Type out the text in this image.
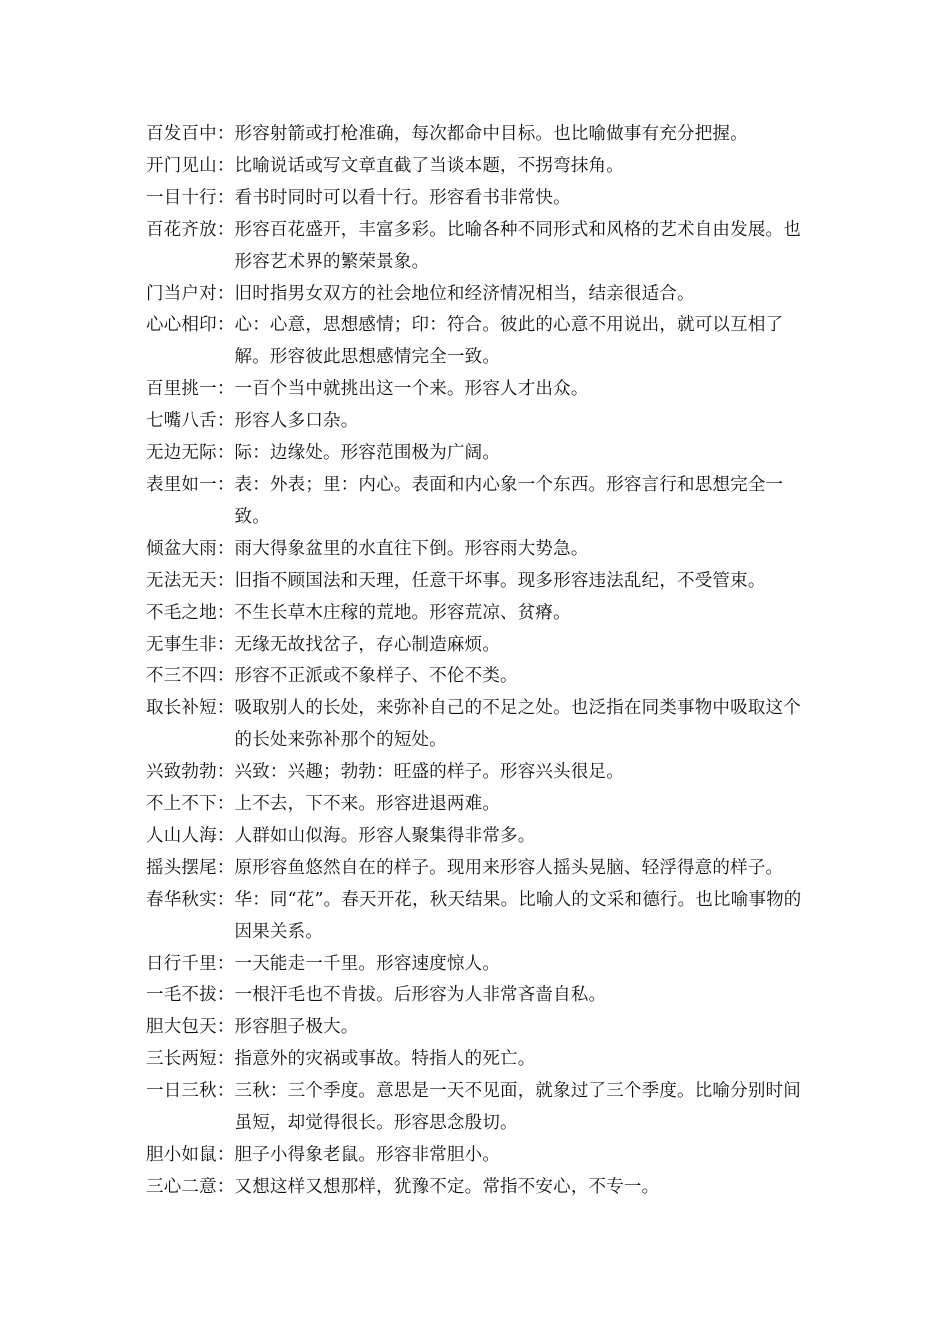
百发百中 ： 形容射箭或打枪准确，每次都命中目标。也比喻做事有充分把握。
开门见山 ： 比喻说话或写文章直截了当谈本题，不拐弯抹角。
一目十行 ： 看书时同时可以看十行。形容看书非常快。
百花齐放 ： 形容百花盛开，丰富多彩。比喻各种不同形式和风格的艺术自由发展。也形容艺术界的繁荣景象。
门当户对 ： 旧时指男女双方的社会地位和经济情况相当，结亲很适合。
心心相印 ： 心：心意，思想感情；印：符合。彼此的心意不用说出，就可以互相了解。形容彼此思想感情完全一致。
百里挑一 ： 一百个当中就挑出这一个来。形容人才出众。
七嘴八舌 ： 形容人多口杂。
无边无际 ： 际：边缘处。形容范围极为广阔。
表里如一 ： 表：外表；里：内心。表面和内心象一个东西。形容言行和思想完全一致。
倾盆大雨 ： 雨大得象盆里的水直往下倒。形容雨大势急。
无法无天 ： 旧指不顾国法和天理，任意干坏事。现多形容违法乱纪，不受管束。
不毛之地 ： 不生长草木庄稼的荒地。形容荒凉、贫瘠。
无事生非 ： 无缘无故找岔子，存心制造麻烦。
不三不四 ： 形容不正派或不象样子、不伦不类。
取长补短 ： 吸取别人的长处，来弥补自己的不足之处。也泛指在同类事物中吸取这个的长处来弥补那个的短处。
兴致勃勃 ： 兴致：兴趣；勃勃：旺盛的样子。形容兴头很足。
不上不下 ： 上不去，下不来。形容进退两难。
人山人海 ： 人群如山似海。形容人聚集得非常多。
摇头摆尾 ： 原形容鱼悠然自在的样子。现用来形容人摇头晃脑、轻浮得意的样子。
春华秋实 ： 华：同“花”。春天开花，秋天结果。比喻人的文采和德行。也比喻事物的因果关系。
日行千里 ： 一天能走一千里。形容速度惊人。
一毛不拔 ： 一根汗毛也不肯拔。后形容为人非常吝啬自私。
胆大包天 ： 形容胆子极大。
三长两短 ： 指意外的灾祸或事故。特指人的死亡。
一日三秋 ： 三秋：三个季度。意思是一天不见面，就象过了三个季度。比喻分别时间虽短，却觉得很长。形容思念殷切。
胆小如鼠 ： 胆子小得象老鼠。形容非常胆小。
三心二意 ： 又想这样又想那样，犹豫不定。常指不安心，不专一。
